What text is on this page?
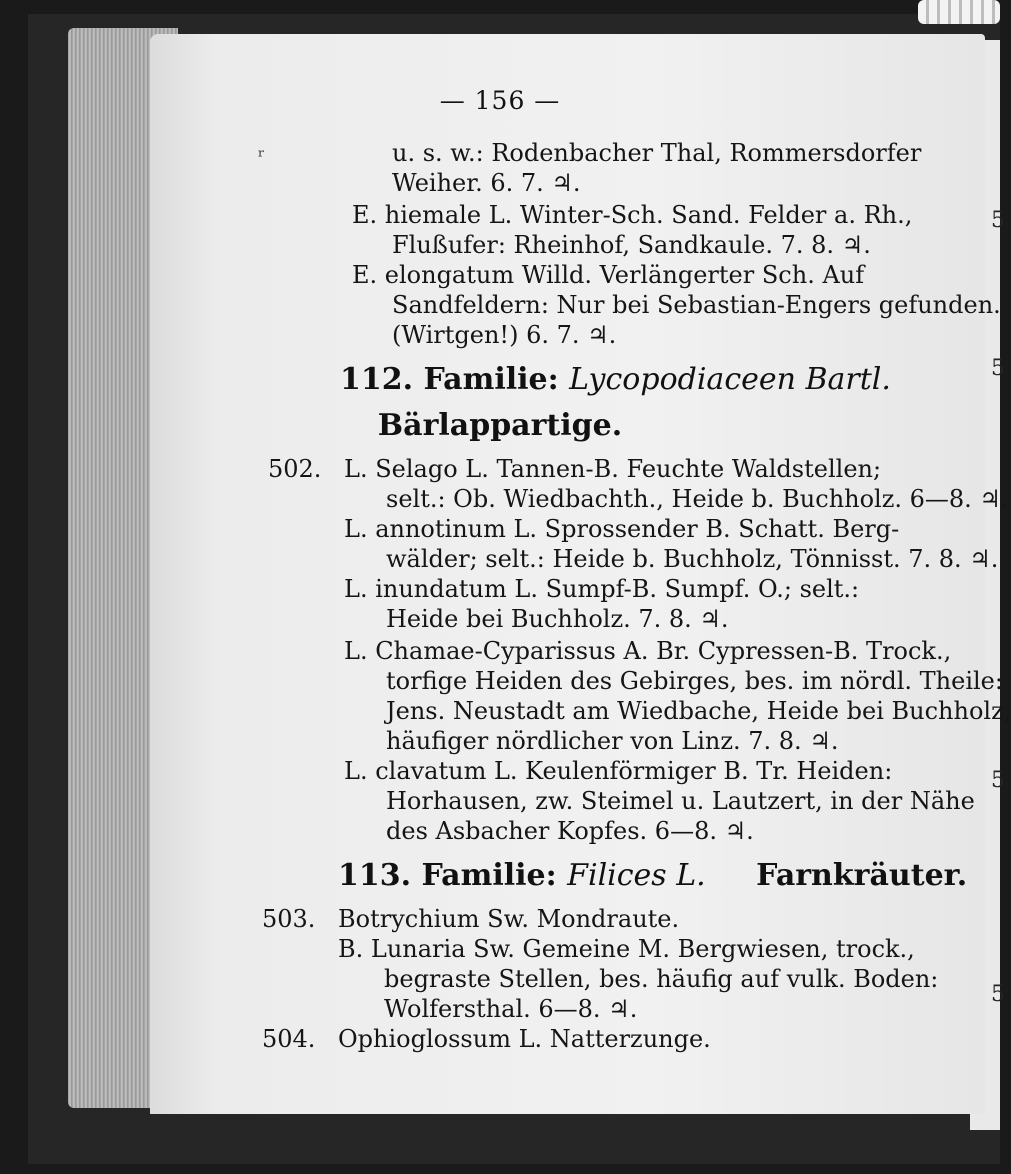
5
5
5
5
— 156 —
ʳ	u. s. w.: Rodenbacher Thal, Rommersdorfer
Weiher. 6. 7. ♃.
E. hiemale L. Winter-Sch. Sand. Felder a. Rh.,
Flußufer: Rheinhof, Sandkaule. 7. 8. ♃.
E. elongatum Willd. Verlängerter Sch. Auf
Sandfeldern: Nur bei Sebastian-Engers gefunden.
(Wirtgen!) 6. 7. ♃.
112. Familie: Lycopodiaceen Bartl.
Bärlappartige.
502. L. Selago L. Tannen-B. Feuchte Waldstellen;
selt.: Ob. Wiedbachth., Heide b. Buchholz. 6—8. ♃.
L. annotinum L. Sprossender B. Schatt. Berg-
wälder; selt.: Heide b. Buchholz, Tönnisst. 7. 8. ♃.
L. inundatum L. Sumpf-B. Sumpf. O.; selt.:
Heide bei Buchholz. 7. 8. ♃.
L. Chamae-Cyparissus A. Br. Cypressen-B. Trock.,
torfige Heiden des Gebirges, bes. im nördl. Theile:
Jens. Neustadt am Wiedbache, Heide bei Buchholz,
häufiger nördlicher von Linz. 7. 8. ♃.
L. clavatum L. Keulenförmiger B. Tr. Heiden:
Horhausen, zw. Steimel u. Lautzert, in der Nähe
des Asbacher Kopfes. 6—8. ♃.
113. Familie: Filices L. Farnkräuter.
503. Botrychium Sw. Mondraute.
B. Lunaria Sw. Gemeine M. Bergwiesen, trock.,
begraste Stellen, bes. häufig auf vulk. Boden:
Wolfersthal. 6—8. ♃.
504. Ophioglossum L. Natterzunge.
